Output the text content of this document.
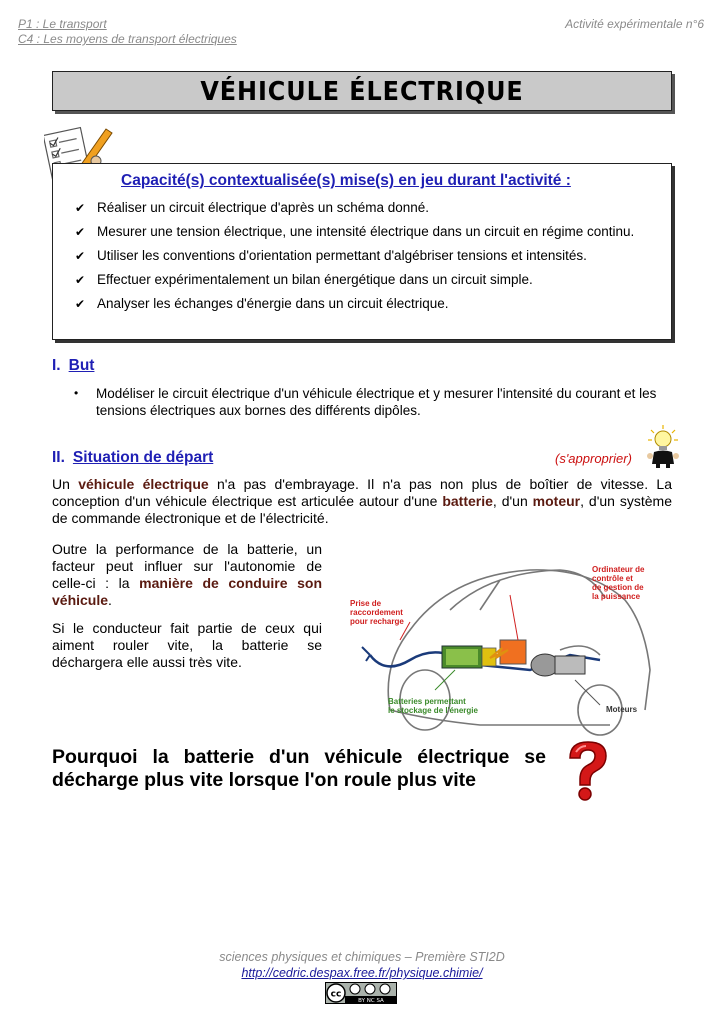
P1 : Le transport
C4 : Les moyens de transport électriques
Activité expérimentale n°6
VÉHICULE ÉLECTRIQUE
Capacité(s) contextualisée(s) mise(s) en jeu durant l'activité :
✔ Réaliser un circuit électrique d'après un schéma donné.
✔ Mesurer une tension électrique, une intensité électrique dans un circuit en régime continu.
✔ Utiliser les conventions d'orientation permettant d'algébriser tensions et intensités.
✔ Effectuer expérimentalement un bilan énergétique dans un circuit simple.
✔ Analyser les échanges d'énergie dans un circuit électrique.
I. But
• Modéliser le circuit électrique d'un véhicule électrique et y mesurer l'intensité du courant et les tensions électriques aux bornes des différents dipôles.
II. Situation de départ	(s'approprier)
Un véhicule électrique n'a pas d'embrayage. Il n'a pas non plus de boîtier de vitesse. La conception d'un véhicule électrique est articulée autour d'une batterie, d'un moteur, d'un système de commande électronique et de l'électricité.
Outre la performance de la batterie, un facteur peut influer sur l'autonomie de celle-ci : la manière de conduire son véhicule.
Si le conducteur fait partie de ceux qui aiment rouler vite, la batterie se déchargera elle aussi très vite.
Prise de raccordement pour recharge
Ordinateur de contrôle et de gestion de la puissance
Batteries permettant le stockage de l'énergie	Moteurs
Pourquoi la batterie d'un véhicule électrique se décharge plus vite lorsque l'on roule plus vite
sciences physiques et chimiques – Première STI2D
http://cedric.despax.free.fr/physique.chimie/
cc
BY NC SA
